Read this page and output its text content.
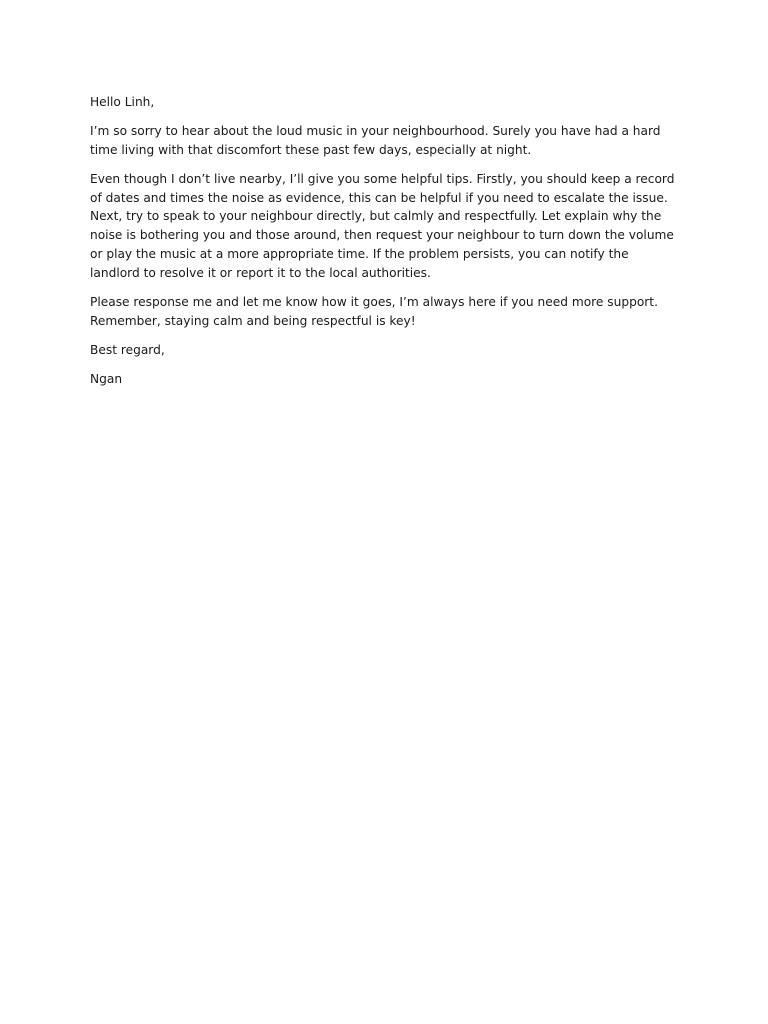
Hello Linh,

I’m so sorry to hear about the loud music in your neighbourhood. Surely you have had a hard time living with that discomfort these past few days, especially at night.

Even though I don’t live nearby, I’ll give you some helpful tips. Firstly, you should keep a record of dates and times the noise as evidence, this can be helpful if you need to escalate the issue. Next, try to speak to your neighbour directly, but calmly and respectfully. Let explain why the noise is bothering you and those around, then request your neighbour to turn down the volume or play the music at a more appropriate time. If the problem persists, you can notify the landlord to resolve it or report it to the local authorities.

Please response me and let me know how it goes, I’m always here if you need more support. Remember, staying calm and being respectful is key!

Best regard,

Ngan
